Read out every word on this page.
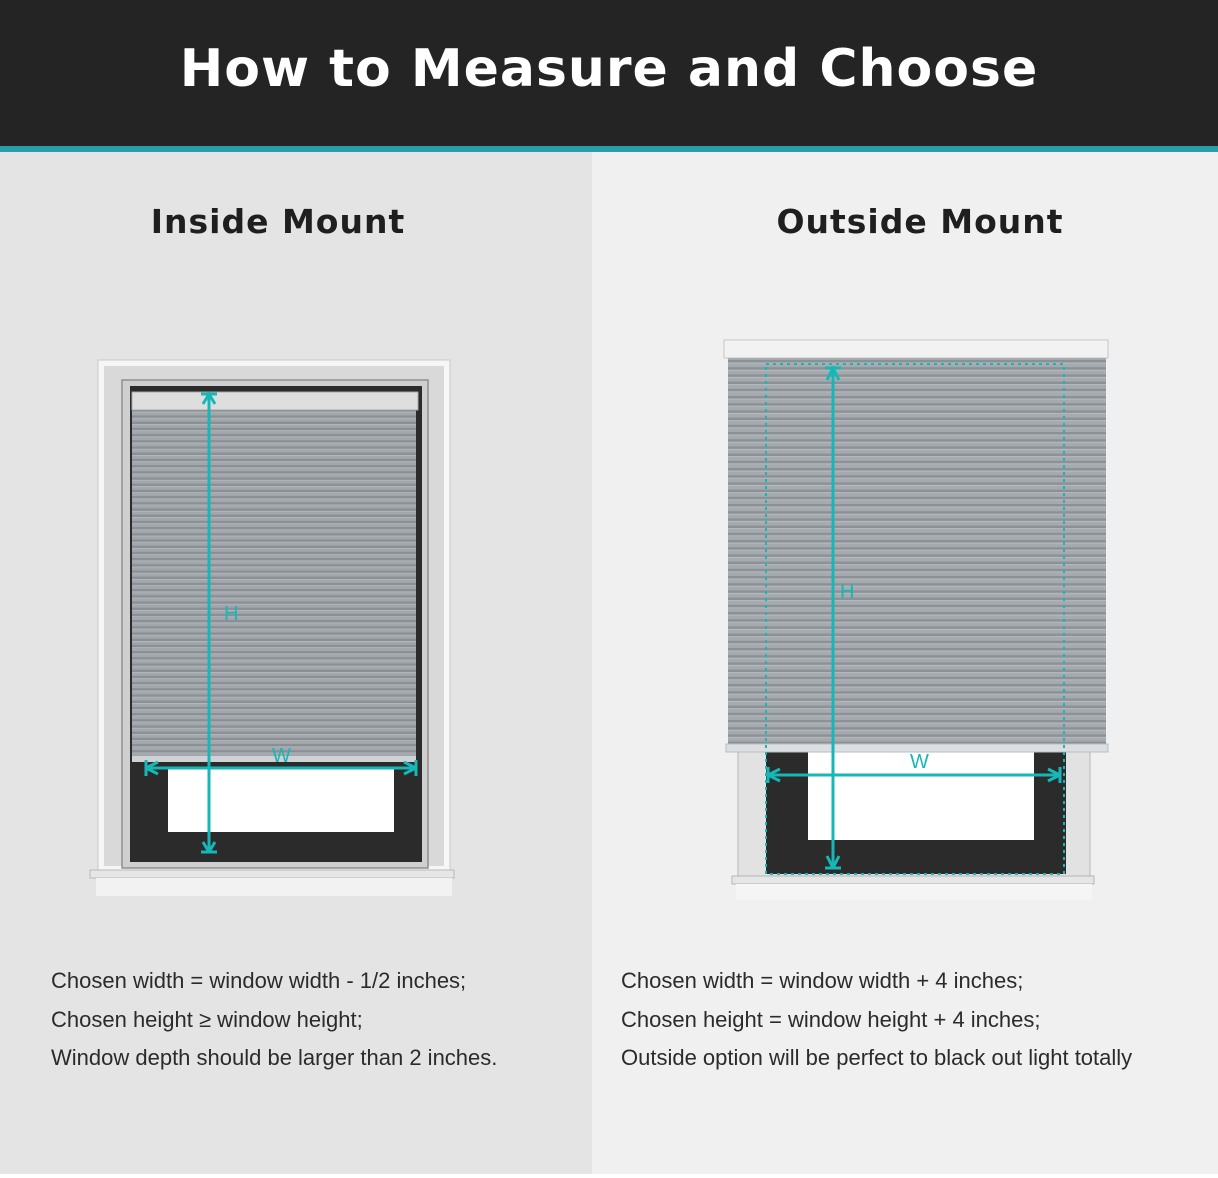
How to Measure and Choose
Inside Mount	Outside Mount
H
W
H
W
Chosen width = window width - 1/2 inches;
Chosen height ≥ window height;
Window depth should be larger than 2 inches.
Chosen width = window width + 4 inches;
Chosen height = window height + 4 inches;
Outside option will be perfect to black out light totally
